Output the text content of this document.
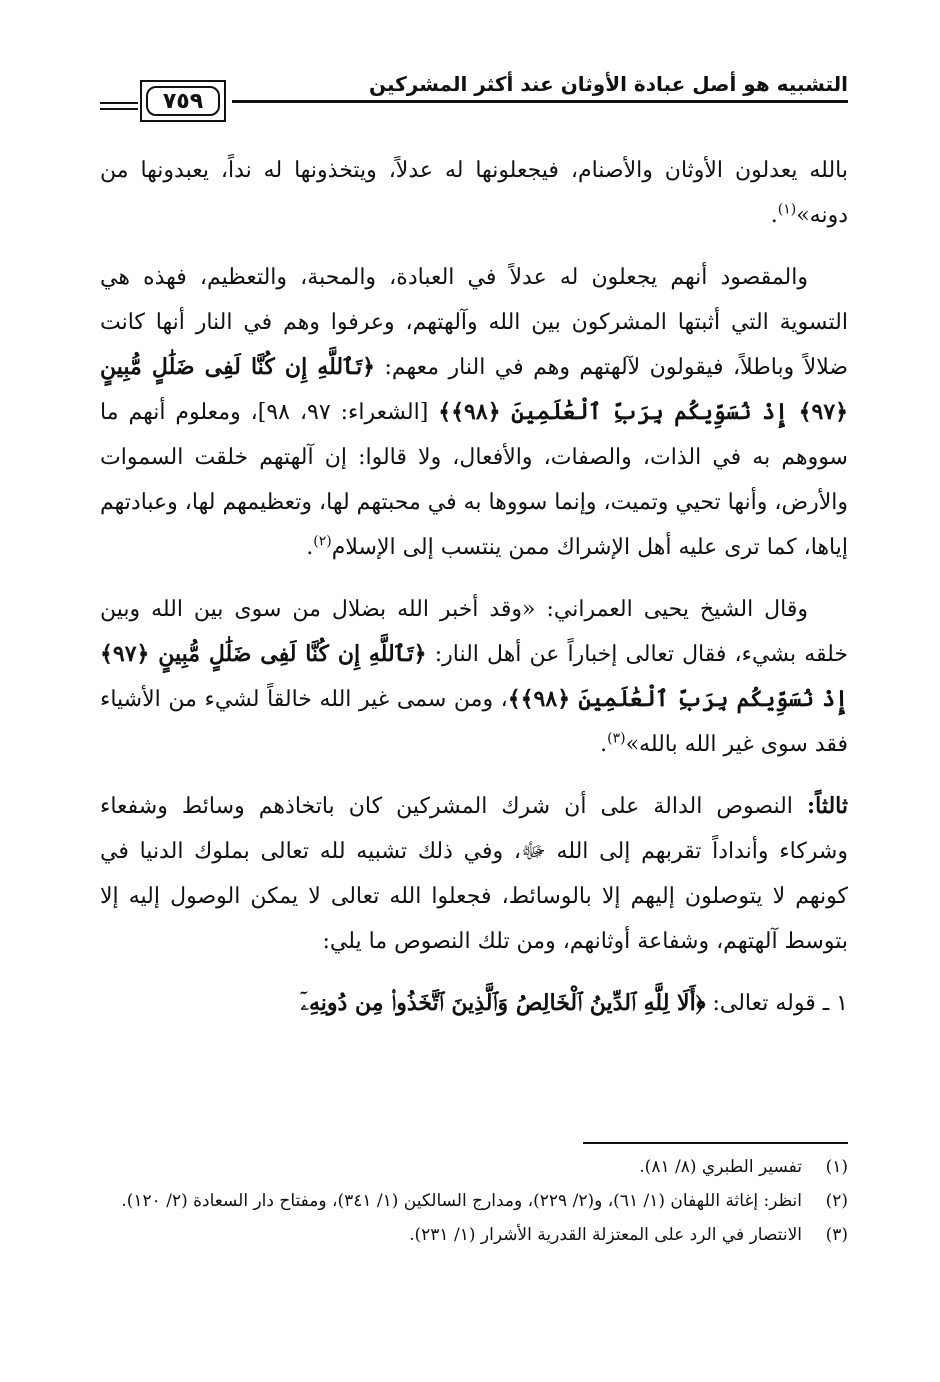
التشبيه هو أصل عبادة الأوثان عند أكثر المشركين
٧٥٩

بالله يعدلون الأوثان والأصنام، فيجعلونها له عدلاً، ويتخذونها له نداً، يعبدونها من دونه»$^{(١)}$.

والمقصود أنهم يجعلون له عدلاً في العبادة، والمحبة، والتعظيم، فهذه هي التسوية التي أثبتها المشركون بين الله وآلهتهم، وعرفوا وهم في النار أنها كانت ضلالاً وباطلاً، فيقولون لآلهتهم وهم في النار معهم: ﴿تَٱللَّهِ إِن كُنَّا لَفِى ضَلَٰلٍ مُّبِينٍ ﴿٩٧﴾ إِذْ نُسَوِّيكُم بِرَبِّ ٱلْعَٰلَمِينَ ﴿٩٨﴾﴾ [الشعراء: ٩٧، ٩٨]، ومعلوم أنهم ما سووهم به في الذات، والصفات، والأفعال، ولا قالوا: إن آلهتهم خلقت السموات والأرض، وأنها تحيي وتميت، وإنما سووها به في محبتهم لها، وتعظيمهم لها، وعبادتهم إياها، كما ترى عليه أهل الإشراك ممن ينتسب إلى الإسلام$^{(٢)}$.

وقال الشيخ يحيى العمراني: «وقد أخبر الله بضلال من سوى بين الله وبين خلقه بشيء، فقال تعالى إخباراً عن أهل النار: ﴿تَٱللَّهِ إِن كُنَّا لَفِى ضَلَٰلٍ مُّبِينٍ ﴿٩٧﴾ إِذْ نُسَوِّيكُم بِرَبِّ ٱلْعَٰلَمِينَ ﴿٩٨﴾﴾، ومن سمى غير الله خالقاً لشيء من الأشياء فقد سوى غير الله بالله»$^{(٣)}$.

ثالثاً: النصوص الدالة على أن شرك المشركين كان باتخاذهم وسائط وشفعاء وشركاء وأنداداً تقربهم إلى الله ﷻ، وفي ذلك تشبيه لله تعالى بملوك الدنيا في كونهم لا يتوصلون إليهم إلا بالوسائط، فجعلوا الله تعالى لا يمكن الوصول إليه إلا بتوسط آلهتهم، وشفاعة أوثانهم، ومن تلك النصوص ما يلي:

١ ـ قوله تعالى: ﴿أَلَا لِلَّهِ ٱلدِّينُ ٱلْخَالِصُ وَٱلَّذِينَ ٱتَّخَذُوا۟ مِن دُونِهِۦٓ

(١)
تفسير الطبري (٨/ ٨١).
(٢)
انظر: إغاثة اللهفان (١/ ٦١)، و(٢/ ٢٢٩)، ومدارج السالكين (١/ ٣٤١)، ومفتاح دار السعادة (٢/ ١٢٠).
(٣)
الانتصار في الرد على المعتزلة القدرية الأشرار (١/ ٢٣١).
